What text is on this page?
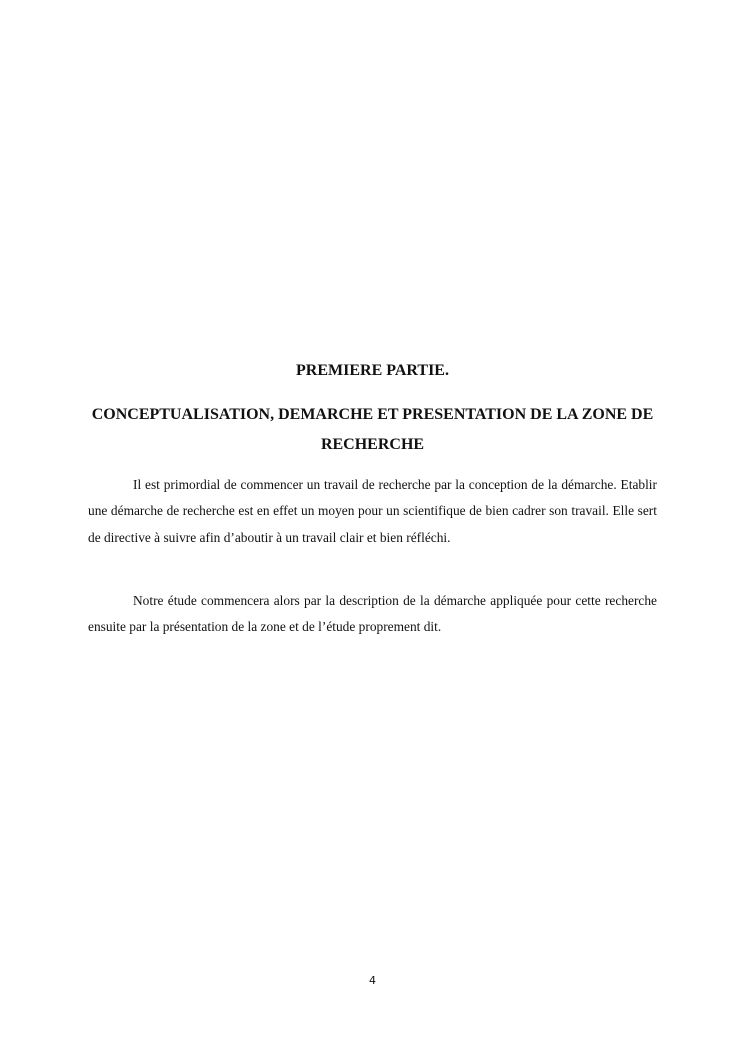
PREMIERE PARTIE.
CONCEPTUALISATION, DEMARCHE ET PRESENTATION DE LA ZONE DE RECHERCHE

Il est primordial de commencer un travail de recherche par la conception de la démarche. Etablir une démarche de recherche est en effet un moyen pour un scientifique de bien cadrer son travail. Elle sert de directive à suivre afin d’aboutir à un travail clair et bien réfléchi.

Notre étude commencera alors par la description de la démarche appliquée pour cette recherche ensuite par la présentation de la zone et de l’étude proprement dit.

4
